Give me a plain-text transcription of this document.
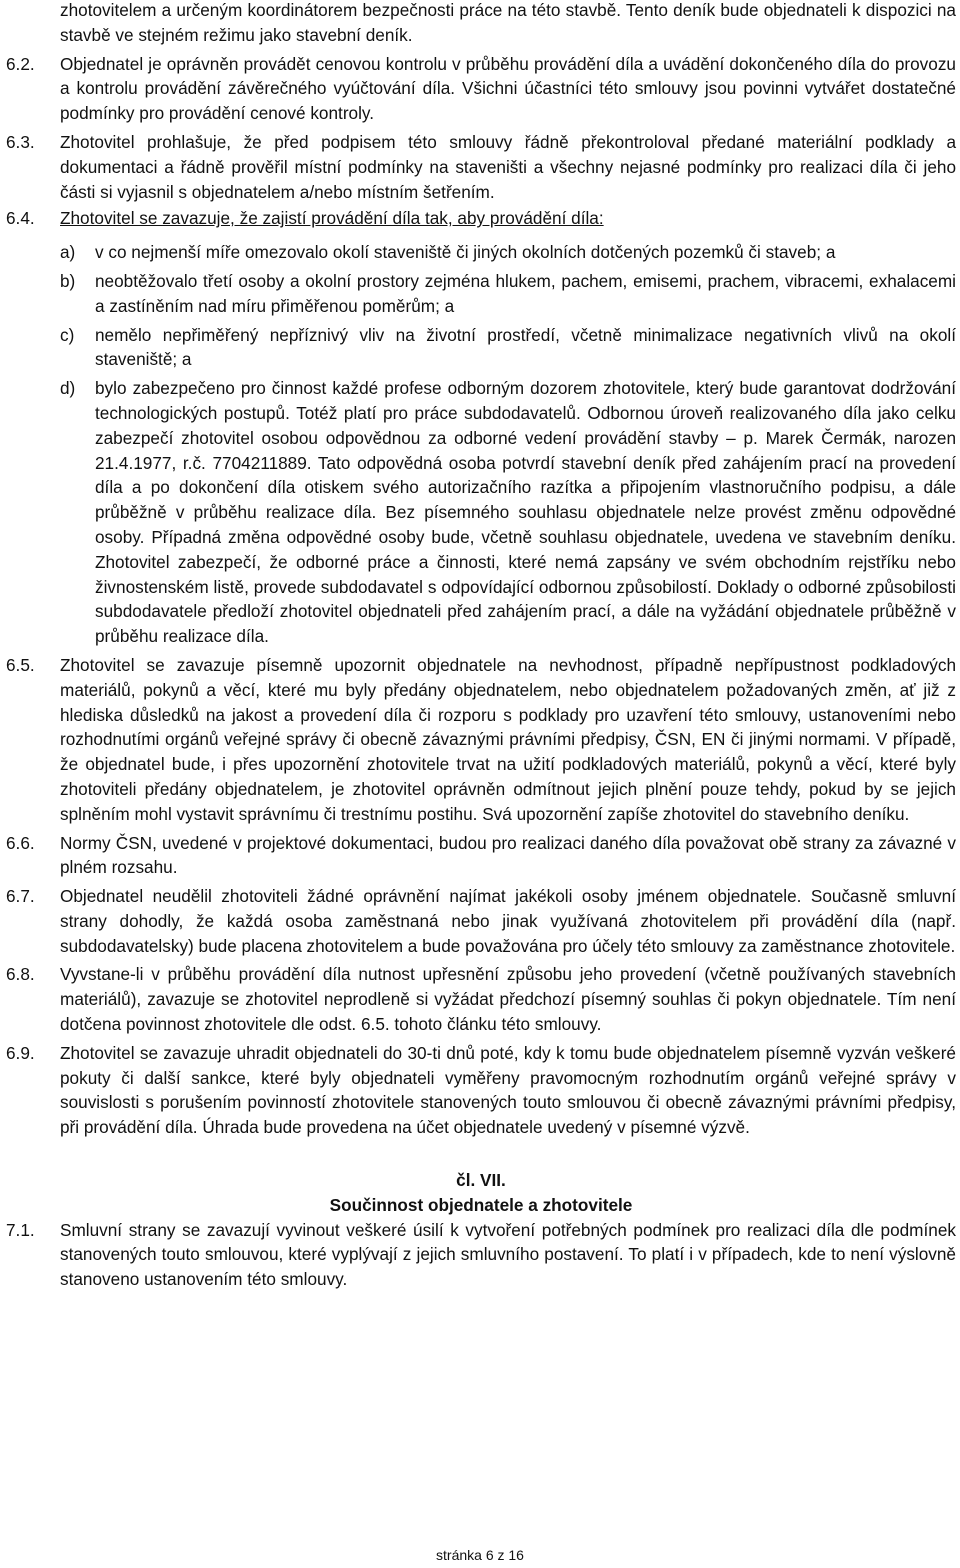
zhotovitelem a určeným koordinátorem bezpečnosti práce na této stavbě. Tento deník bude objednateli k dispozici na stavbě ve stejném režimu jako stavební deník.
6.2. Objednatel je oprávněn provádět cenovou kontrolu v průběhu provádění díla a uvádění dokončeného díla do provozu a kontrolu provádění závěrečného vyúčtování díla. Všichni účastníci této smlouvy jsou povinni vytvářet dostatečné podmínky pro provádění cenové kontroly.
6.3. Zhotovitel prohlašuje, že před podpisem této smlouvy řádně překontroloval předané materiální podklady a dokumentaci a řádně prověřil místní podmínky na staveništi a všechny nejasné podmínky pro realizaci díla či jeho části si vyjasnil s objednatelem a/nebo místním šetřením.
6.4. Zhotovitel se zavazuje, že zajistí provádění díla tak, aby provádění díla:
a) v co nejmenší míře omezovalo okolí staveniště či jiných okolních dotčených pozemků či staveb; a
b) neobtěžovalo třetí osoby a okolní prostory zejména hlukem, pachem, emisemi, prachem, vibracemi, exhalacemi a zastíněním nad míru přiměřenou poměrům; a
c) nemělo nepřiměřený nepříznivý vliv na životní prostředí, včetně minimalizace negativních vlivů na okolí staveniště; a
d) bylo zabezpečeno pro činnost každé profese odborným dozorem zhotovitele, který bude garantovat dodržování technologických postupů. Totéž platí pro práce subdodavatelů. Odbornou úroveň realizovaného díla jako celku zabezpečí zhotovitel osobou odpovědnou za odborné vedení provádění stavby – p. Marek Čermák, narozen 21.4.1977, r.č. 7704211889. Tato odpovědná osoba potvrdí stavební deník před zahájením prací na provedení díla a po dokončení díla otiskem svého autorizačního razítka a připojením vlastnoručního podpisu, a dále průběžně v průběhu realizace díla. Bez písemného souhlasu objednatele nelze provést změnu odpovědné osoby. Případná změna odpovědné osoby bude, včetně souhlasu objednatele, uvedena ve stavebním deníku. Zhotovitel zabezpečí, že odborné práce a činnosti, které nemá zapsány ve svém obchodním rejstříku nebo živnostenském listě, provede subdodavatel s odpovídající odbornou způsobilostí. Doklady o odborné způsobilosti subdodavatele předloží zhotovitel objednateli před zahájením prací, a dále na vyžádání objednatele průběžně v průběhu realizace díla.
6.5. Zhotovitel se zavazuje písemně upozornit objednatele na nevhodnost, případně nepřípustnost podkladových materiálů, pokynů a věcí, které mu byly předány objednatelem, nebo objednatelem požadovaných změn, ať již z hlediska důsledků na jakost a provedení díla či rozporu s podklady pro uzavření této smlouvy, ustanoveními nebo rozhodnutími orgánů veřejné správy či obecně závaznými právními předpisy, ČSN, EN či jinými normami. V případě, že objednatel bude, i přes upozornění zhotovitele trvat na užití podkladových materiálů, pokynů a věcí, které byly zhotoviteli předány objednatelem, je zhotovitel oprávněn odmítnout jejich plnění pouze tehdy, pokud by se jejich splněním mohl vystavit správnímu či trestnímu postihu. Svá upozornění zapíše zhotovitel do stavebního deníku.
6.6. Normy ČSN, uvedené v projektové dokumentaci, budou pro realizaci daného díla považovat obě strany za závazné v plném rozsahu.
6.7. Objednatel neudělil zhotoviteli žádné oprávnění najímat jakékoli osoby jménem objednatele. Současně smluvní strany dohodly, že každá osoba zaměstnaná nebo jinak využívaná zhotovitelem při provádění díla (např. subdodavatelsky) bude placena zhotovitelem a bude považována pro účely této smlouvy za zaměstnance zhotovitele.
6.8. Vyvstane-li v průběhu provádění díla nutnost upřesnění způsobu jeho provedení (včetně používaných stavebních materiálů), zavazuje se zhotovitel neprodleně si vyžádat předchozí písemný souhlas či pokyn objednatele. Tím není dotčena povinnost zhotovitele dle odst. 6.5. tohoto článku této smlouvy.
6.9. Zhotovitel se zavazuje uhradit objednateli do 30-ti dnů poté, kdy k tomu bude objednatelem písemně vyzván veškeré pokuty či další sankce, které byly objednateli vyměřeny pravomocným rozhodnutím orgánů veřejné správy v souvislosti s porušením povinností zhotovitele stanovených touto smlouvou či obecně závaznými právními předpisy, při provádění díla. Úhrada bude provedena na účet objednatele uvedený v písemné výzvě.
čl. VII.
Součinnost objednatele a zhotovitele
7.1. Smluvní strany se zavazují vyvinout veškeré úsilí k vytvoření potřebných podmínek pro realizaci díla dle podmínek stanovených touto smlouvou, které vyplývají z jejich smluvního postavení. To platí i v případech, kde to není výslovně stanoveno ustanovením této smlouvy.
stránka 6 z 16
